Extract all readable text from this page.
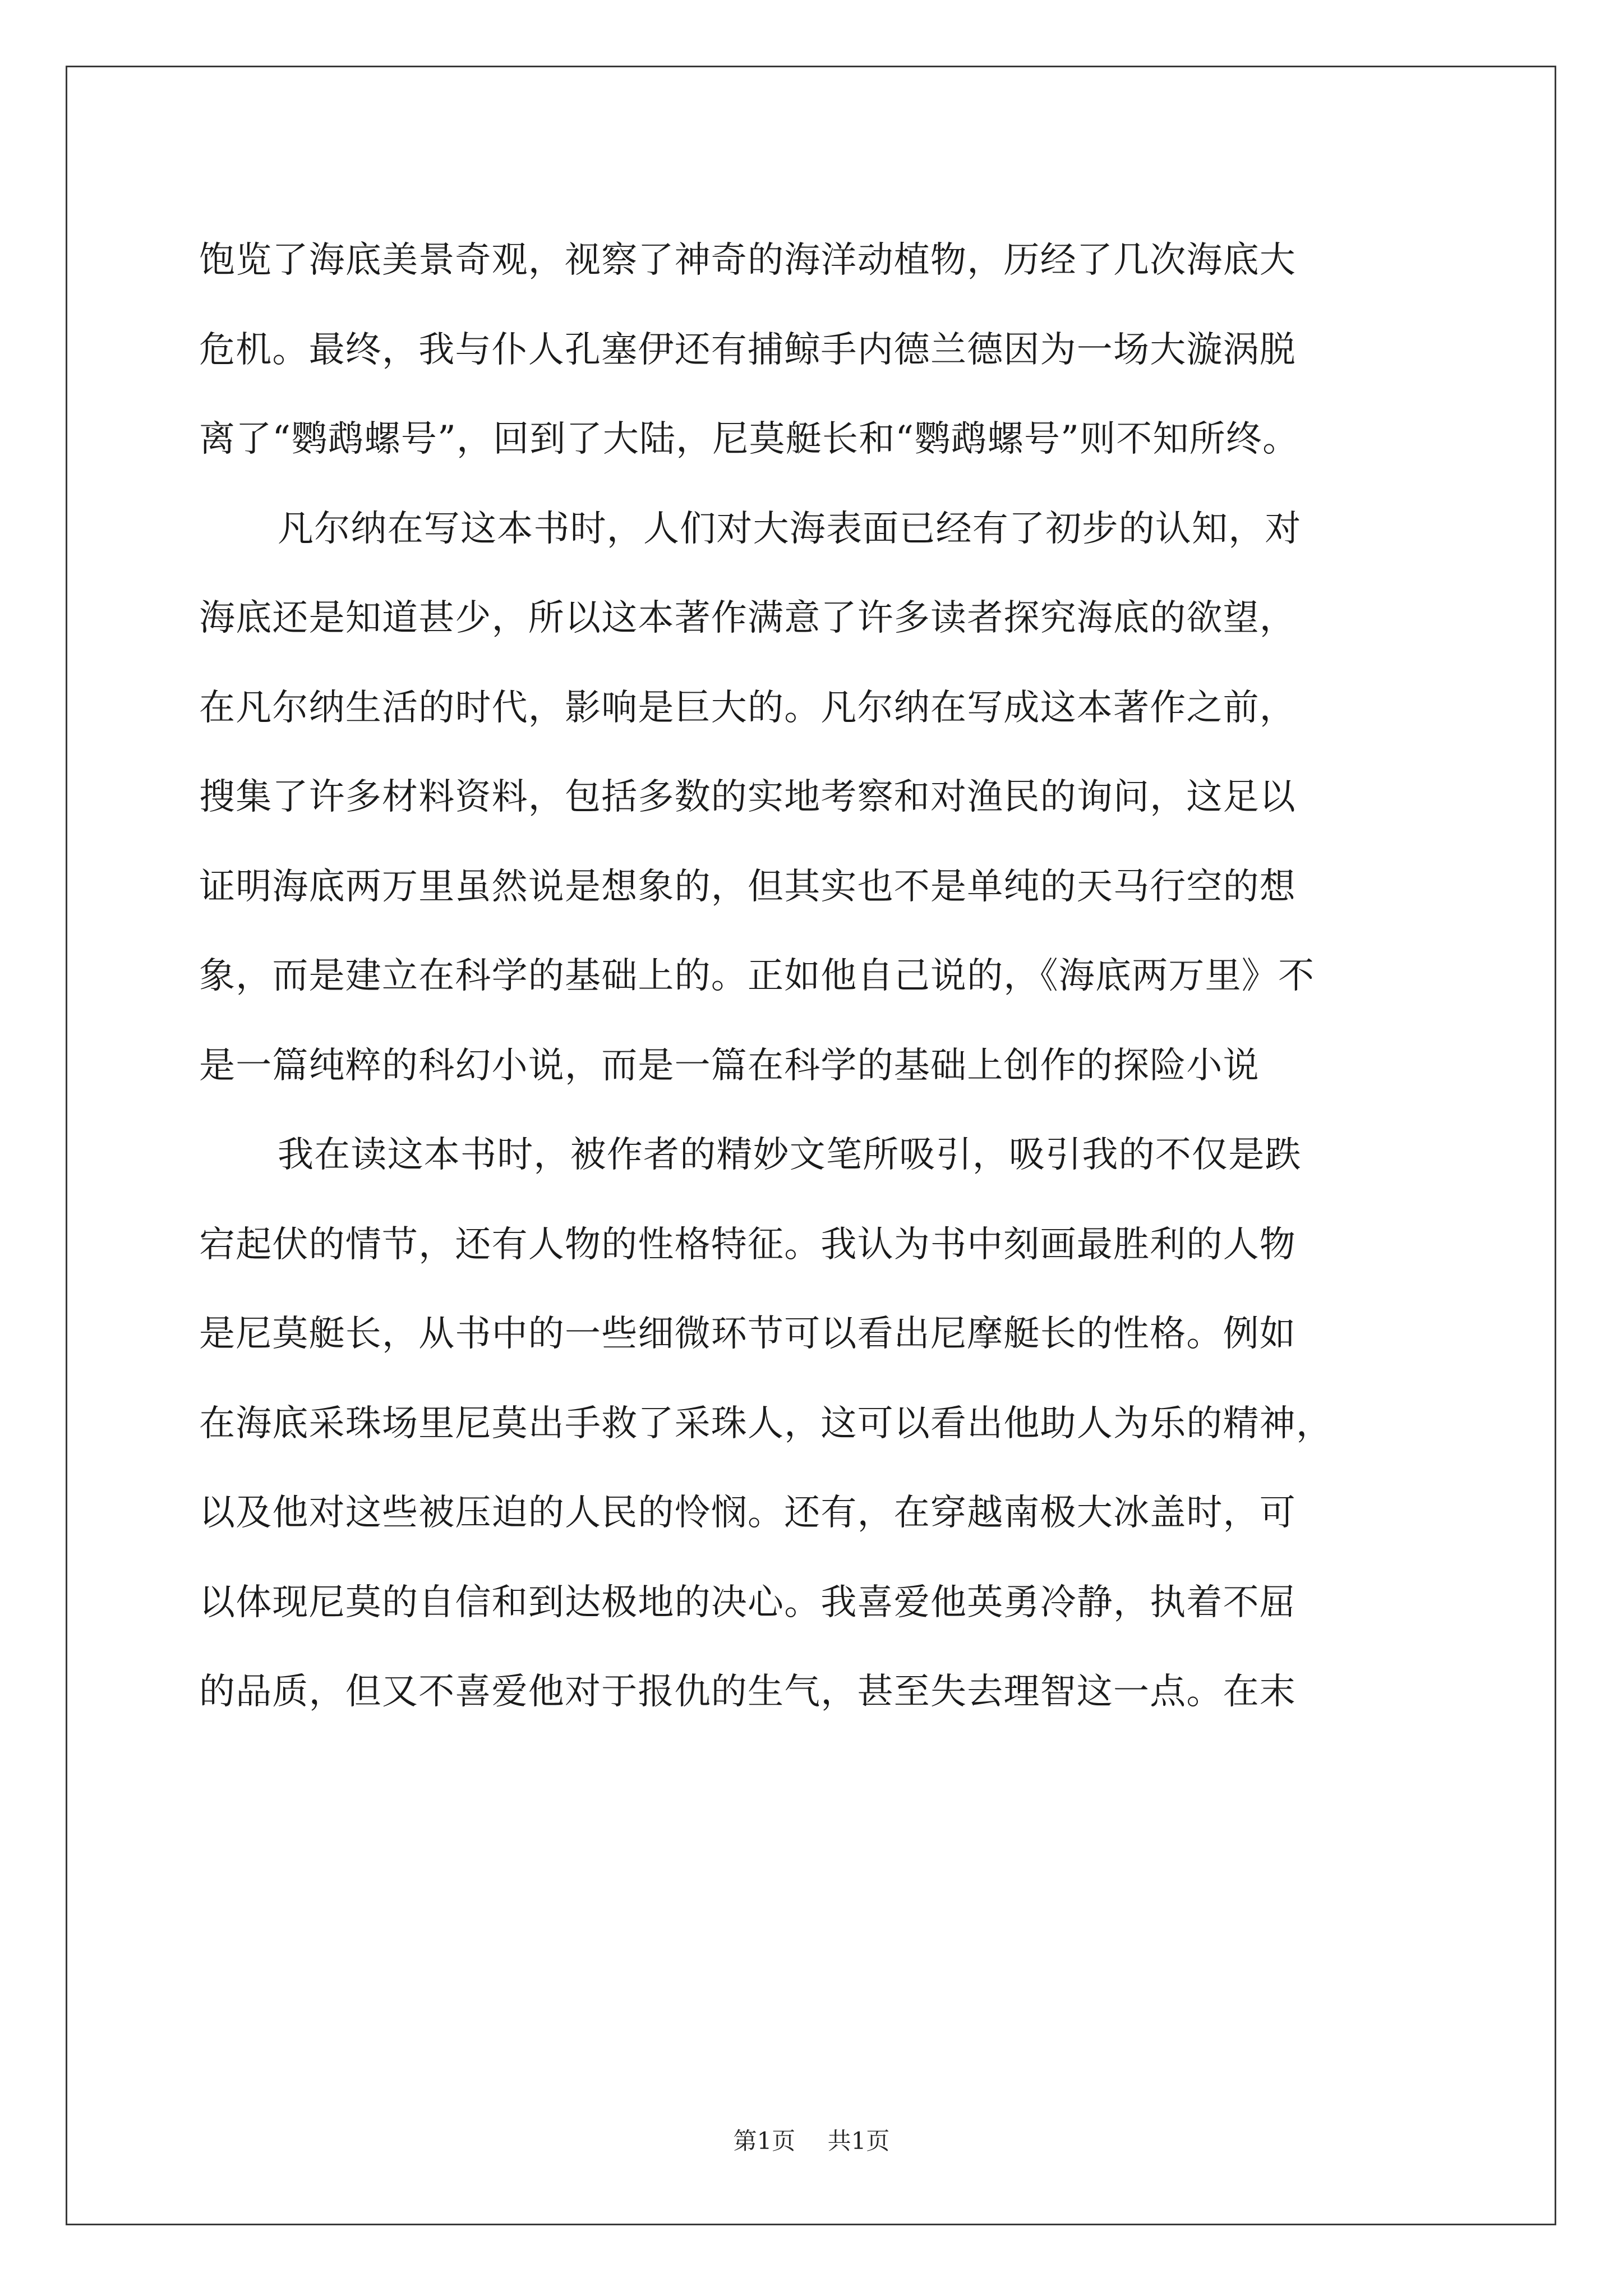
饱览了海底美景奇观，视察了神奇的海洋动植物，历经了几次海底大
危机。最终，我与仆人孔塞伊还有捕鲸手内德兰德因为一场大漩涡脱
离了“鹦鹉螺号”，回到了大陆，尼莫艇长和“鹦鹉螺号”则不知所终。
凡尔纳在写这本书时，人们对大海表面已经有了初步的认知，对
海底还是知道甚少，所以这本著作满意了许多读者探究海底的欲望，
在凡尔纳生活的时代，影响是巨大的。凡尔纳在写成这本著作之前，
搜集了许多材料资料，包括多数的实地考察和对渔民的询问，这足以
证明海底两万里虽然说是想象的，但其实也不是单纯的天马行空的想
象，而是建立在科学的基础上的。正如他自己说的，《海底两万里》不
是一篇纯粹的科幻小说，而是一篇在科学的基础上创作的探险小说
我在读这本书时，被作者的精妙文笔所吸引，吸引我的不仅是跌
宕起伏的情节，还有人物的性格特征。我认为书中刻画最胜利的人物
是尼莫艇长，从书中的一些细微环节可以看出尼摩艇长的性格。例如
在海底采珠场里尼莫出手救了采珠人，这可以看出他助人为乐的精神，
以及他对这些被压迫的人民的怜悯。还有，在穿越南极大冰盖时，可
以体现尼莫的自信和到达极地的决心。我喜爱他英勇冷静，执着不屈
的品质，但又不喜爱他对于报仇的生气，甚至失去理智这一点。在末
第1页 共1页
